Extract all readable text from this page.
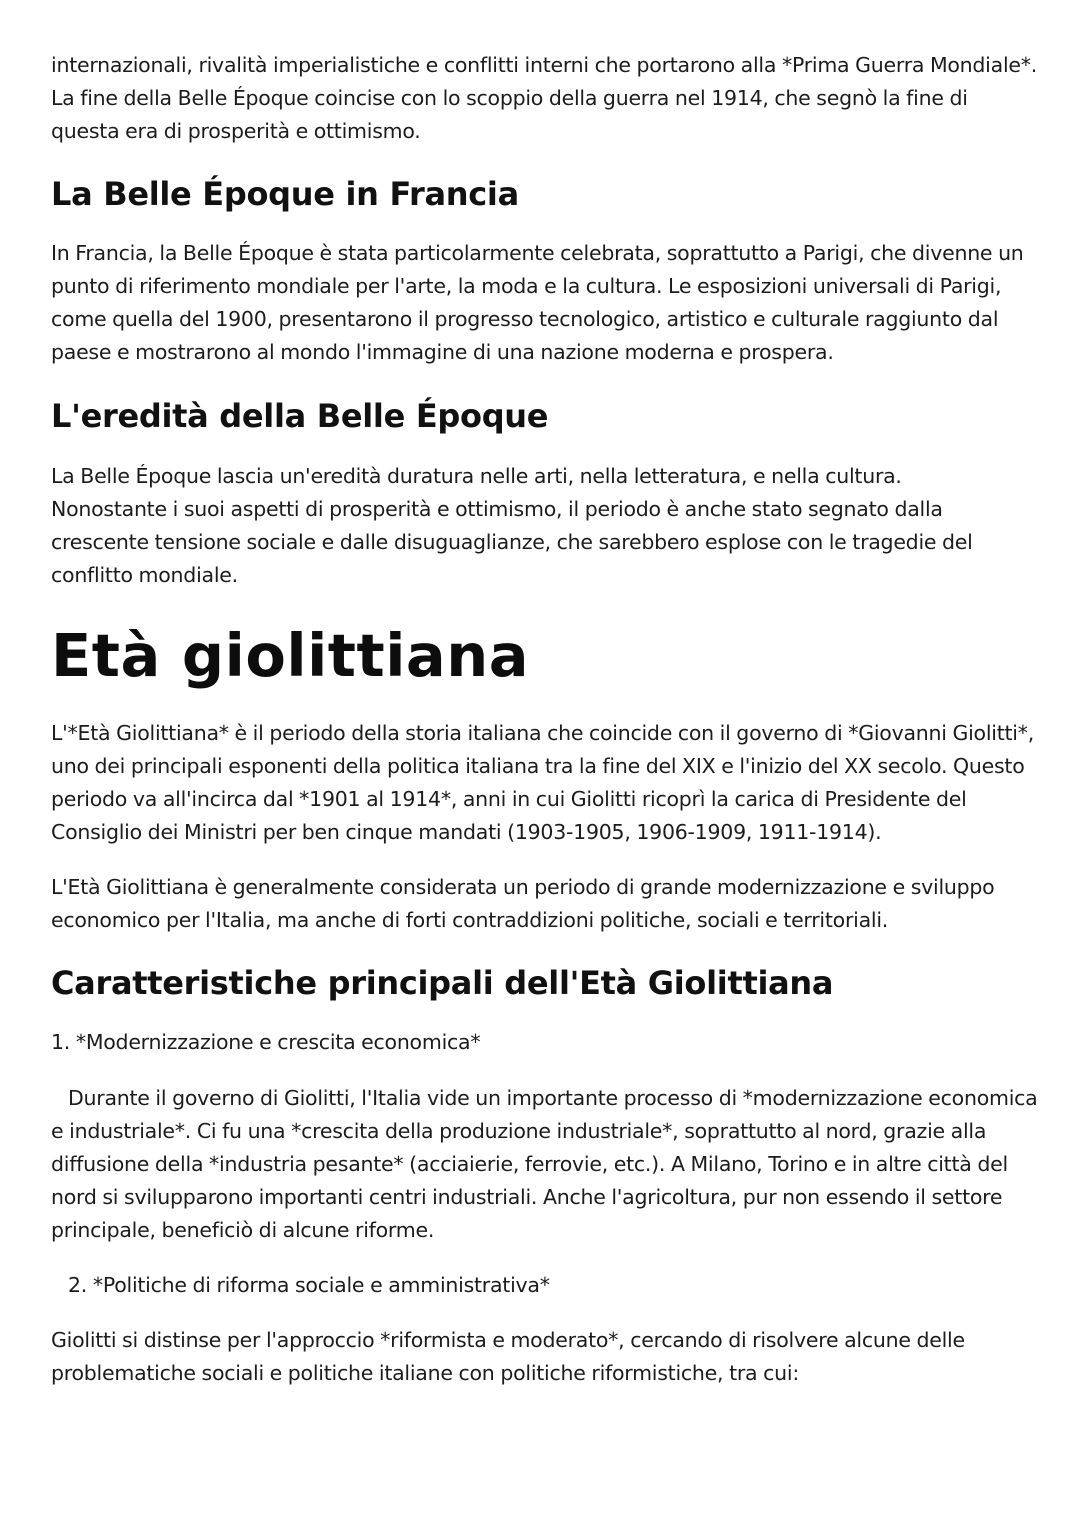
internazionali, rivalità imperialistiche e conflitti interni che portarono alla *Prima Guerra Mondiale*. La fine della Belle Époque coincise con lo scoppio della guerra nel 1914, che segnò la fine di questa era di prosperità e ottimismo.

La Belle Époque in Francia

In Francia, la Belle Époque è stata particolarmente celebrata, soprattutto a Parigi, che divenne un punto di riferimento mondiale per l'arte, la moda e la cultura. Le esposizioni universali di Parigi, come quella del 1900, presentarono il progresso tecnologico, artistico e culturale raggiunto dal paese e mostrarono al mondo l'immagine di una nazione moderna e prospera.

L'eredità della Belle Époque

La Belle Époque lascia un'eredità duratura nelle arti, nella letteratura, e nella cultura. Nonostante i suoi aspetti di prosperità e ottimismo, il periodo è anche stato segnato dalla crescente tensione sociale e dalle disuguaglianze, che sarebbero esplose con le tragedie del conflitto mondiale.

Età giolittiana

L'*Età Giolittiana* è il periodo della storia italiana che coincide con il governo di *Giovanni Giolitti*, uno dei principali esponenti della politica italiana tra la fine del XIX e l'inizio del XX secolo. Questo periodo va all'incirca dal *1901 al 1914*, anni in cui Giolitti ricoprì la carica di Presidente del Consiglio dei Ministri per ben cinque mandati (1903-1905, 1906-1909, 1911-1914).

L'Età Giolittiana è generalmente considerata un periodo di grande modernizzazione e sviluppo economico per l'Italia, ma anche di forti contraddizioni politiche, sociali e territoriali.

Caratteristiche principali dell'Età Giolittiana

1. *Modernizzazione e crescita economica*

Durante il governo di Giolitti, l'Italia vide un importante processo di *modernizzazione economica e industriale*. Ci fu una *crescita della produzione industriale*, soprattutto al nord, grazie alla diffusione della *industria pesante* (acciaierie, ferrovie, etc.). A Milano, Torino e in altre città del nord si svilupparono importanti centri industriali. Anche l'agricoltura, pur non essendo il settore principale, beneficiò di alcune riforme.

2. *Politiche di riforma sociale e amministrativa*

Giolitti si distinse per l'approccio *riformista e moderato*, cercando di risolvere alcune delle problematiche sociali e politiche italiane con politiche riformistiche, tra cui:
